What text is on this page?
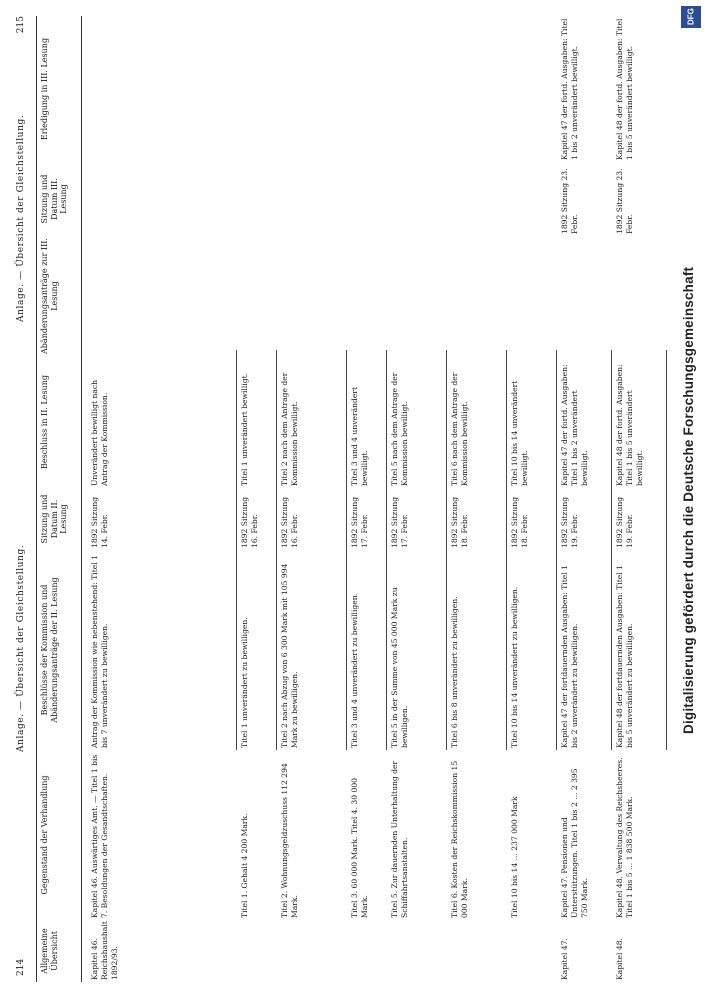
DFG
Digitalisierung gefördert durch die Deutsche Forschungsgemeinschaft
214
Anlage. — Übersicht der Gleichstellung.
Anlage. — Übersicht der Gleichstellung.
215
Allgemeine Übersicht
Gegenstand der Verhandlung
Beschlüsse der Kommission und Abänderungsanträge der II. Lesung
Sitzung und Datum II. Lesung
Beschluss in II. Lesung
Abänderungsanträge zur III. Lesung
Sitzung und Datum III. Lesung
Erledigung in III. Lesung
Kapitel 46. Reichshaushalt 1892/93.
Kapitel 46. Auswärtiges Amt. — Titel 1 bis 7. Besoldungen der Gesandtschaften.
Antrag der Kommission wie nebenstehend: Titel 1 bis 7 unverändert zu bewilligen.
1892 Sitzung 14. Febr.
Unverändert bewilligt nach Antrag der Kommission.
Titel 1. Gehalt 4 200 Mark.
Titel 1 unverändert zu bewilligen.
1892 Sitzung 16. Febr.
Titel 1 unverändert bewilligt.
Titel 2. Wohnungsgeldzuschuss 112 294 Mark.
Titel 2 nach Abzug von 6 300 Mark mit 105 994 Mark zu bewilligen.
1892 Sitzung 16. Febr.
Titel 2 nach dem Antrage der Kommission bewilligt.
Titel 3. 60 000 Mark. Titel 4. 30 000 Mark.
Titel 3 und 4 unverändert zu bewilligen.
1892 Sitzung 17. Febr.
Titel 3 und 4 unverändert bewilligt.
Titel 5. Zur dauernden Unterhaltung der Schiffahrtsanstalten.
Titel 5 in der Summe von 45 000 Mark zu bewilligen.
1892 Sitzung 17. Febr.
Titel 5 nach dem Antrage der Kommission bewilligt.
Titel 6. Kosten der Reichskommission 15 000 Mark.
Titel 6 bis 8 unverändert zu bewilligen.
1892 Sitzung 18. Febr.
Titel 6 nach dem Antrage der Kommission bewilligt.
Titel 10 bis 14 ... 237 000 Mark
Titel 10 bis 14 unverändert zu bewilligen.
1892 Sitzung 18. Febr.
Titel 10 bis 14 unverändert bewilligt.
Kapitel 47.
Kapitel 47. Pensionen und Unterstützungen. Titel 1 bis 2 ... 2 395 750 Mark.
Kapitel 47 der fortdauernden Ausgaben: Titel 1 bis 2 unverändert zu bewilligen.
1892 Sitzung 19. Febr.
Kapitel 47 der fortd. Ausgaben: Titel 1 bis 2 unverändert bewilligt.
1892 Sitzung 23. Febr.
Kapitel 47 der fortd. Ausgaben: Titel 1 bis 2 unverändert bewilligt.
Kapitel 48.
Kapitel 48. Verwaltung des Reichsheeres. Titel 1 bis 5 ... 1 838 500 Mark.
Kapitel 48 der fortdauernden Ausgaben: Titel 1 bis 5 unverändert zu bewilligen.
1892 Sitzung 19. Febr.
Kapitel 48 der fortd. Ausgaben: Titel 1 bis 5 unverändert bewilligt.
1892 Sitzung 23. Febr.
Kapitel 48 der fortd. Ausgaben: Titel 1 bis 5 unverändert bewilligt.
